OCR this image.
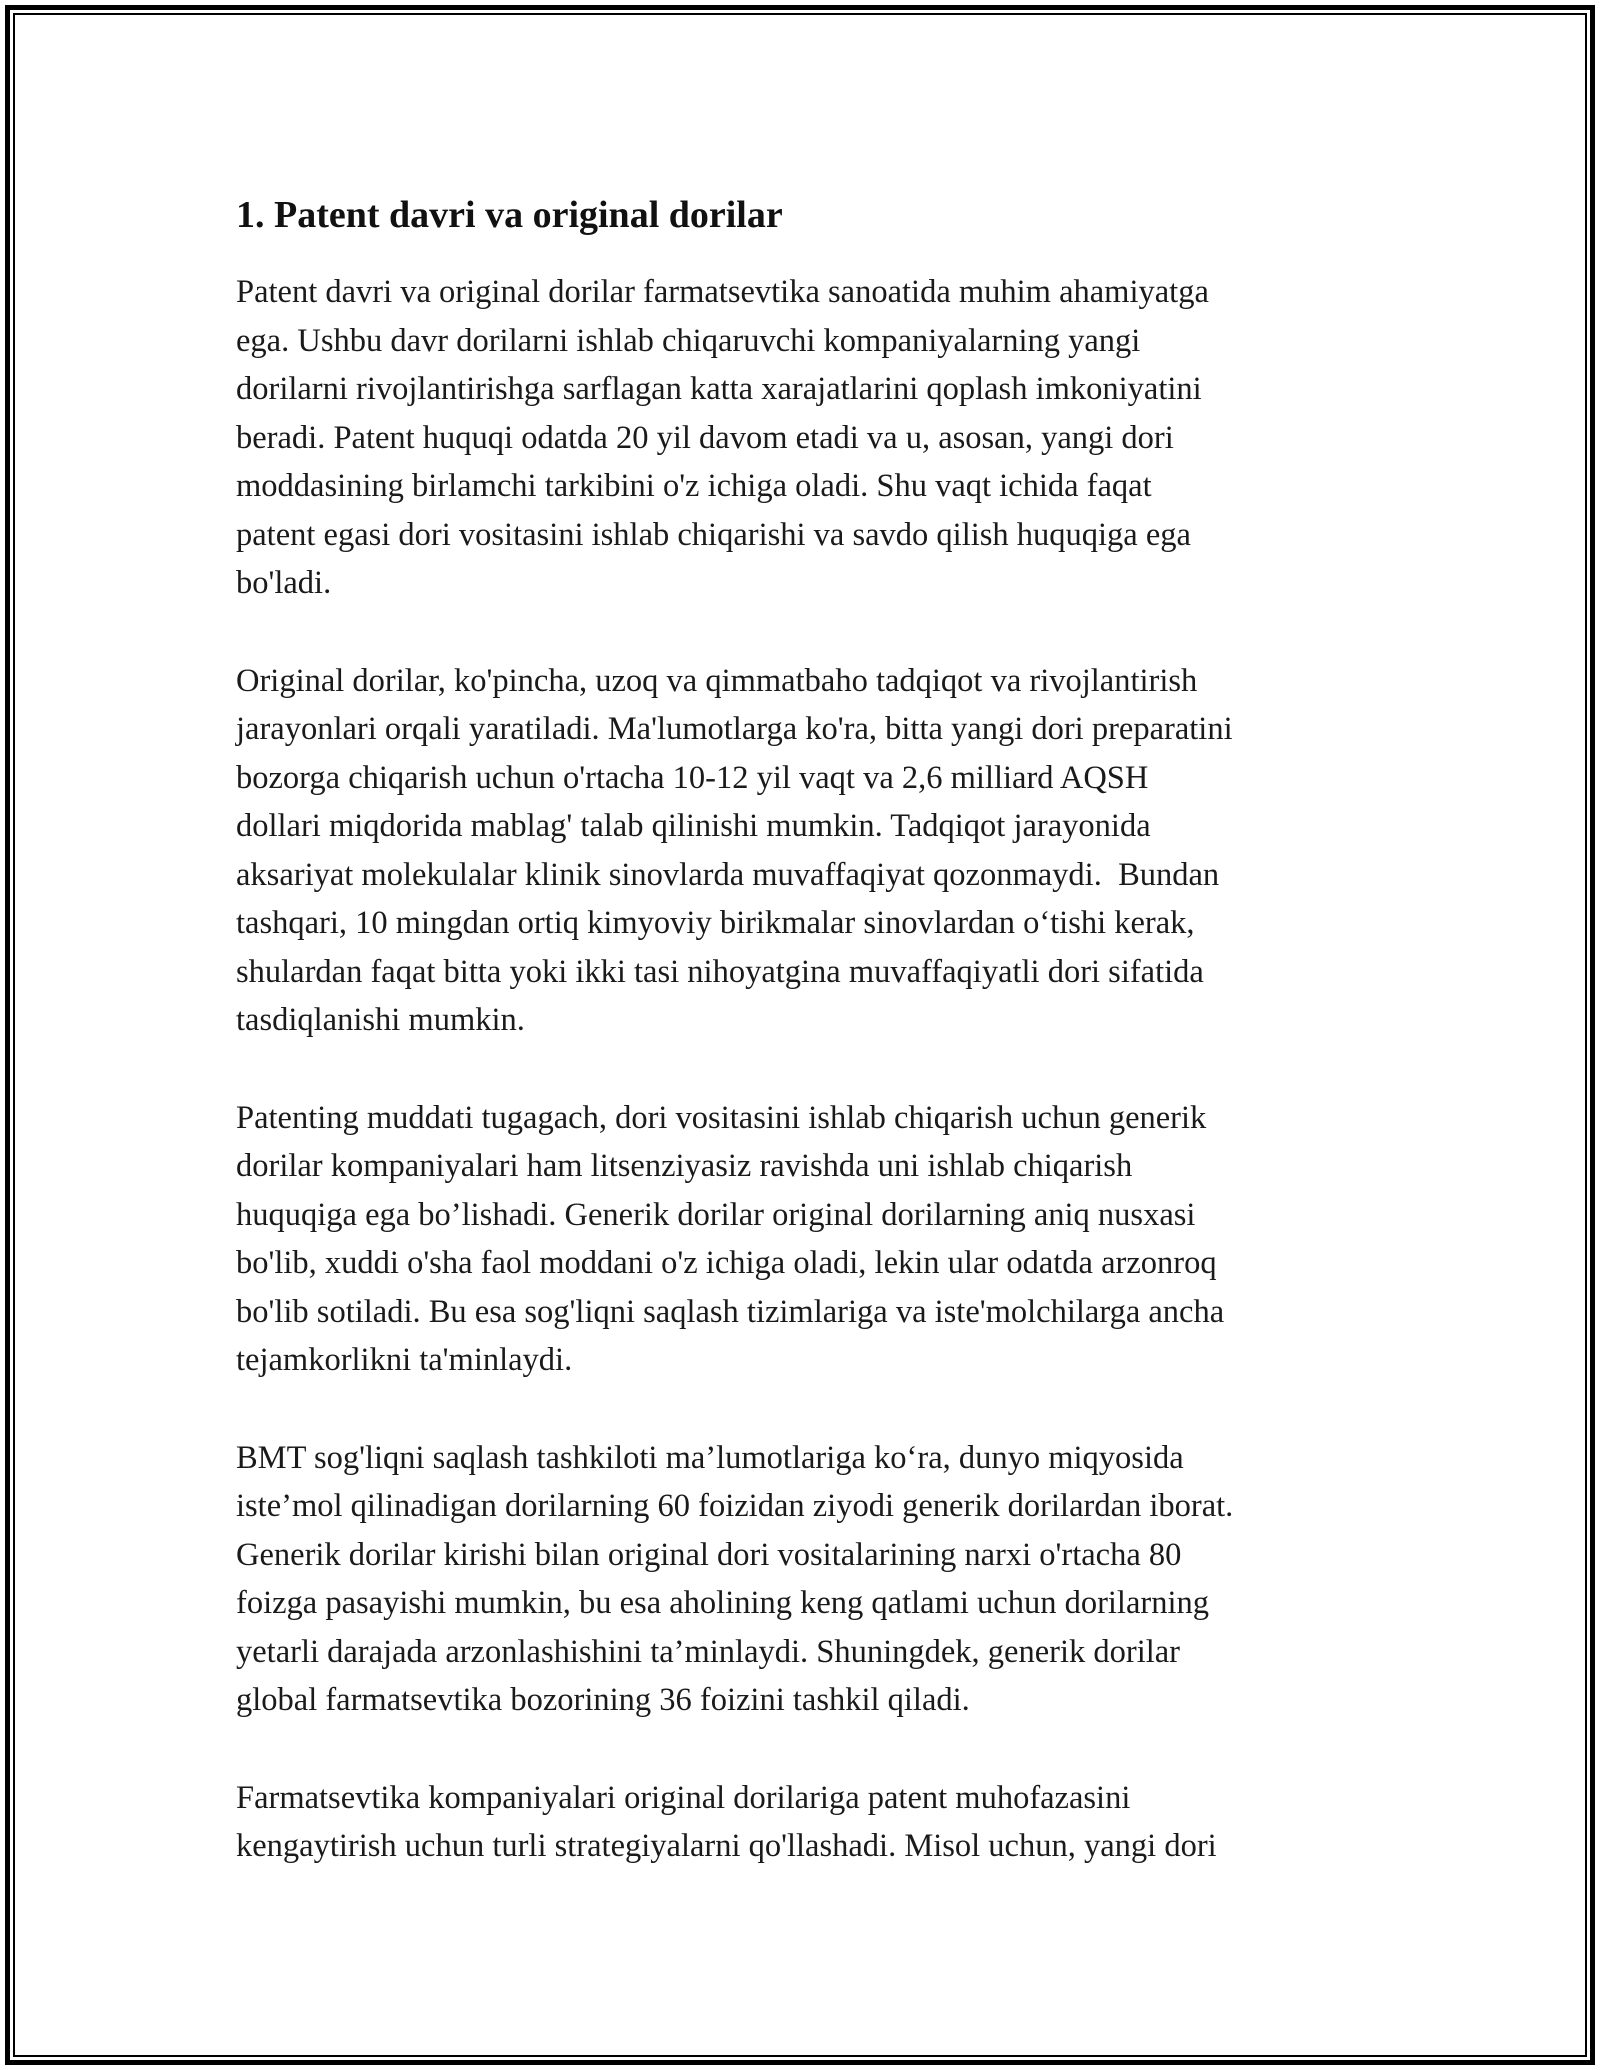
1. Patent davri va original dorilar

Patent davri va original dorilar farmatsevtika sanoatida muhim ahamiyatga
ega. Ushbu davr dorilarni ishlab chiqaruvchi kompaniyalarning yangi
dorilarni rivojlantirishga sarflagan katta xarajatlarini qoplash imkoniyatini
beradi. Patent huquqi odatda 20 yil davom etadi va u, asosan, yangi dori
moddasining birlamchi tarkibini o'z ichiga oladi. Shu vaqt ichida faqat
patent egasi dori vositasini ishlab chiqarishi va savdo qilish huquqiga ega
bo'ladi.

Original dorilar, ko'pincha, uzoq va qimmatbaho tadqiqot va rivojlantirish
jarayonlari orqali yaratiladi. Ma'lumotlarga ko'ra, bitta yangi dori preparatini
bozorga chiqarish uchun o'rtacha 10-12 yil vaqt va 2,6 milliard AQSH
dollari miqdorida mablag' talab qilinishi mumkin. Tadqiqot jarayonida
aksariyat molekulalar klinik sinovlarda muvaffaqiyat qozonmaydi.  Bundan
tashqari, 10 mingdan ortiq kimyoviy birikmalar sinovlardan o‘tishi kerak,
shulardan faqat bitta yoki ikki tasi nihoyatgina muvaffaqiyatli dori sifatida
tasdiqlanishi mumkin.

Patenting muddati tugagach, dori vositasini ishlab chiqarish uchun generik
dorilar kompaniyalari ham litsenziyasiz ravishda uni ishlab chiqarish
huquqiga ega bo’lishadi. Generik dorilar original dorilarning aniq nusxasi
bo'lib, xuddi o'sha faol moddani o'z ichiga oladi, lekin ular odatda arzonroq
bo'lib sotiladi. Bu esa sog'liqni saqlash tizimlariga va iste'molchilarga ancha
tejamkorlikni ta'minlaydi.

BMT sog'liqni saqlash tashkiloti ma’lumotlariga ko‘ra, dunyo miqyosida
iste’mol qilinadigan dorilarning 60 foizidan ziyodi generik dorilardan iborat.
Generik dorilar kirishi bilan original dori vositalarining narxi o'rtacha 80
foizga pasayishi mumkin, bu esa aholining keng qatlami uchun dorilarning
yetarli darajada arzonlashishini ta’minlaydi. Shuningdek, generik dorilar
global farmatsevtika bozorining 36 foizini tashkil qiladi.

Farmatsevtika kompaniyalari original dorilariga patent muhofazasini
kengaytirish uchun turli strategiyalarni qo'llashadi. Misol uchun, yangi dori
